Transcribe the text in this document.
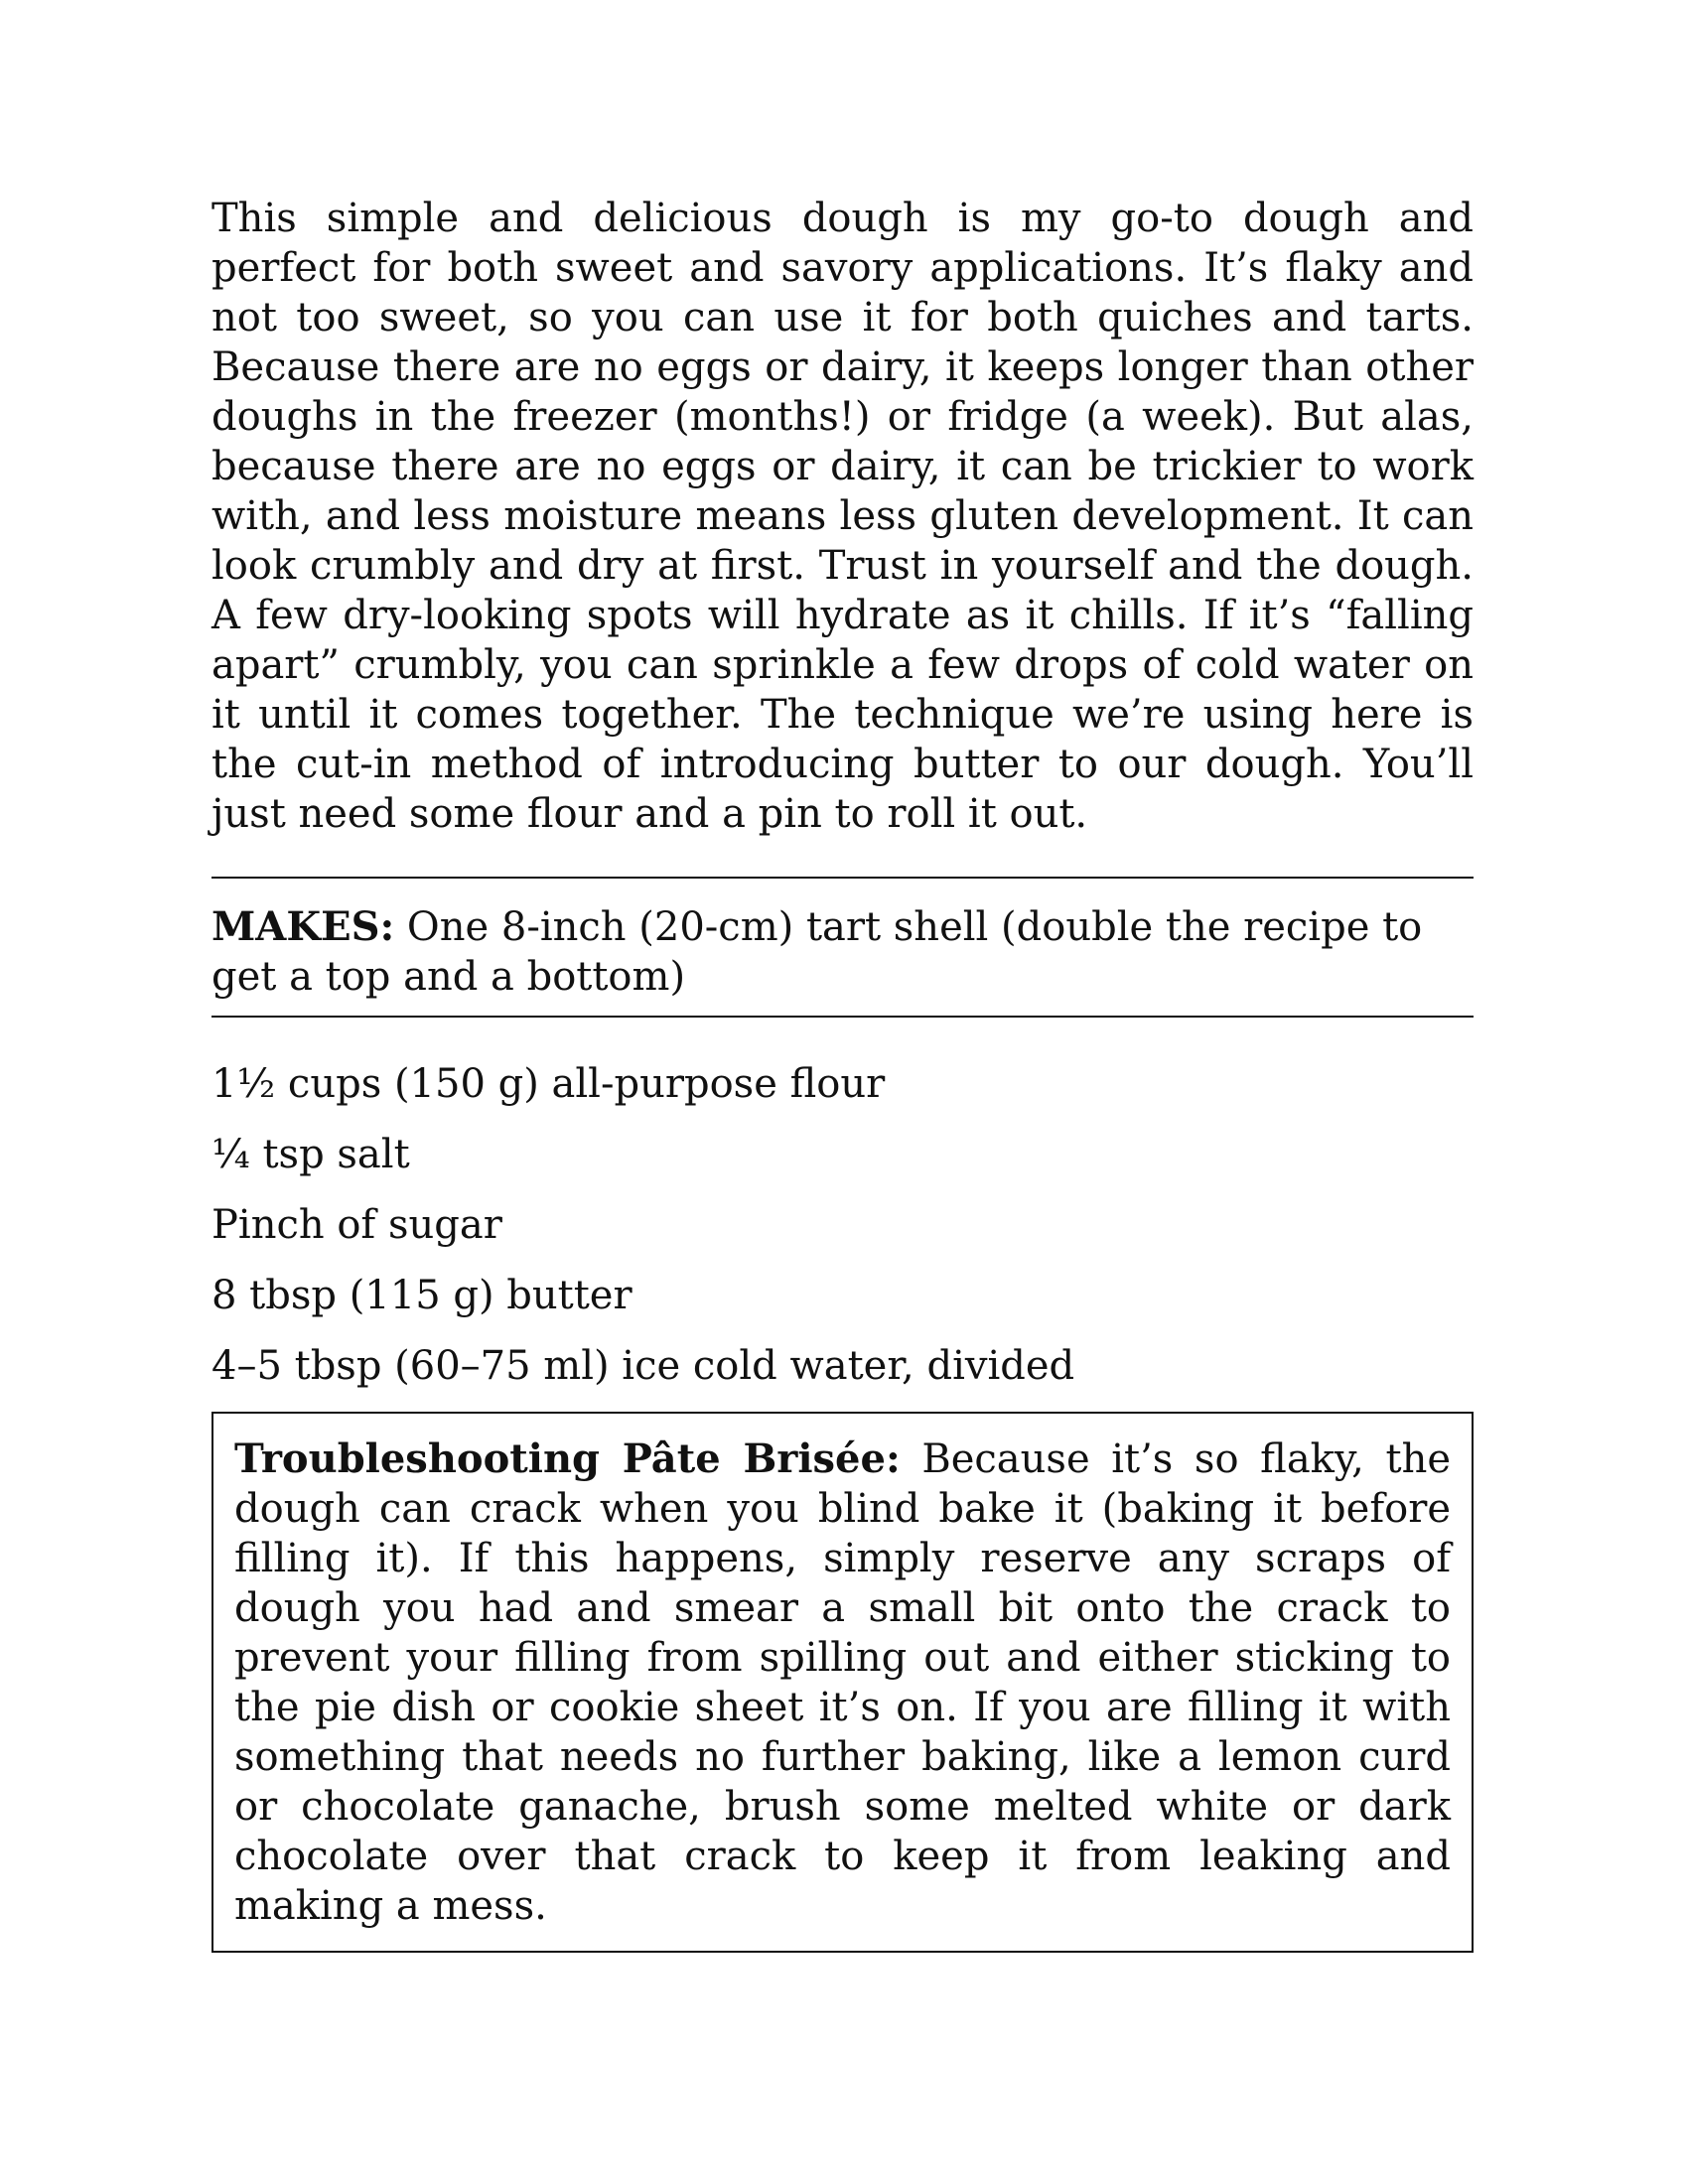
This simple and delicious dough is my go-to dough and perfect for both sweet and savory applications. It’s flaky and not too sweet, so you can use it for both quiches and tarts. Because there are no eggs or dairy, it keeps longer than other doughs in the freezer (months!) or fridge (a week). But alas, because there are no eggs or dairy, it can be trickier to work with, and less moisture means less gluten development. It can look crumbly and dry at first. Trust in yourself and the dough. A few dry-looking spots will hydrate as it chills. If it’s “falling apart” crumbly, you can sprinkle a few drops of cold water on it until it comes together. The technique we’re using here is the cut-in method of introducing butter to our dough. You’ll just need some flour and a pin to roll it out.

MAKES: One 8-inch (20-cm) tart shell (double the recipe to get a top and a bottom)

1½ cups (150 g) all-purpose flour
¼ tsp salt
Pinch of sugar
8 tbsp (115 g) butter
4–5 tbsp (60–75 ml) ice cold water, divided

Troubleshooting Pâte Brisée: Because it’s so flaky, the dough can crack when you blind bake it (baking it before filling it). If this happens, simply reserve any scraps of dough you had and smear a small bit onto the crack to prevent your filling from spilling out and either sticking to the pie dish or cookie sheet it’s on. If you are filling it with something that needs no further baking, like a lemon curd or chocolate ganache, brush some melted white or dark chocolate over that crack to keep it from leaking and making a mess.
